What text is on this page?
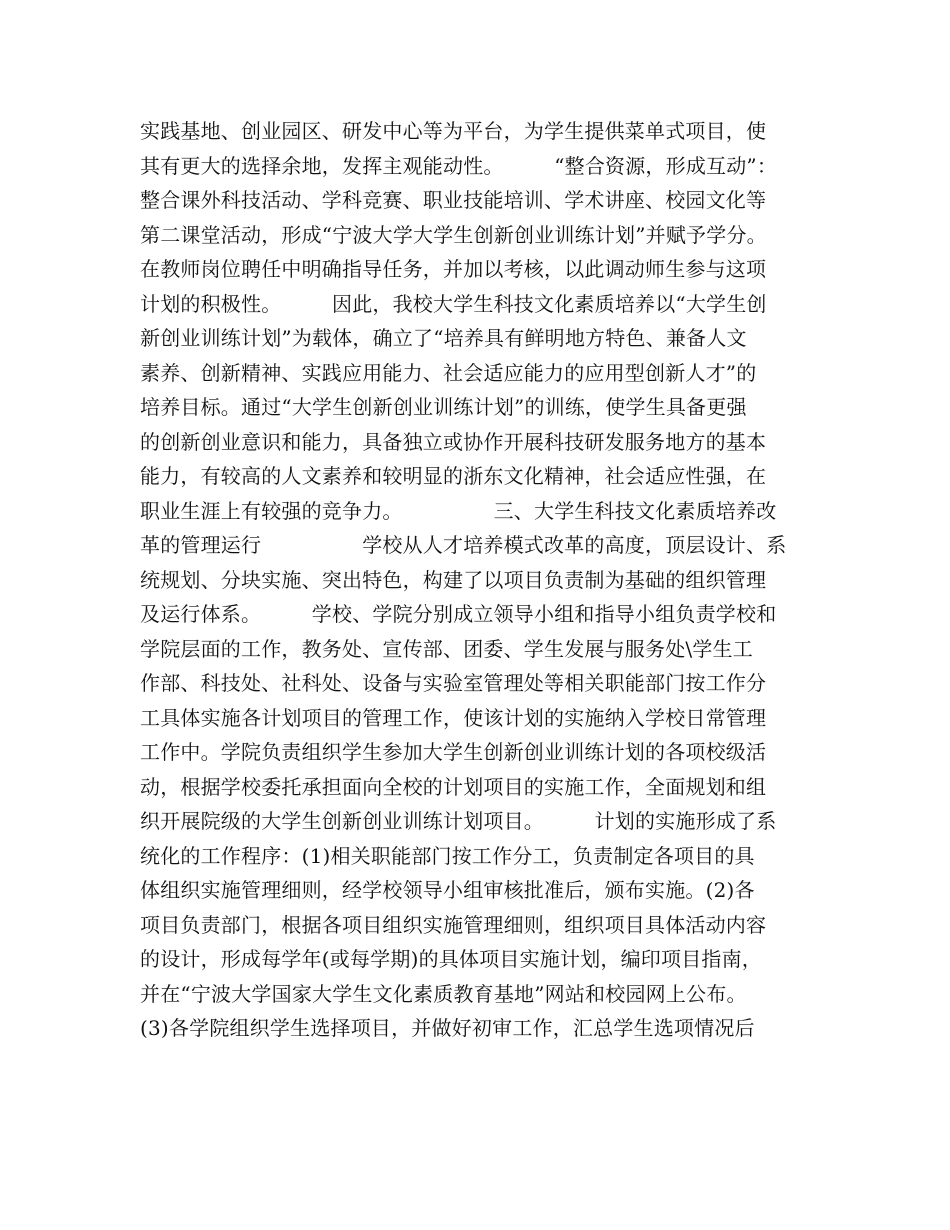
实践基地、创业园区、研发中心等为平台，为学生提供菜单式项目，使
其有更大的选择余地，发挥主观能动性。　　　“整合资源，形成互动”：
整合课外科技活动、学科竞赛、职业技能培训、学术讲座、校园文化等
第二课堂活动，形成“宁波大学大学生创新创业训练计划”并赋予学分。
在教师岗位聘任中明确指导任务，并加以考核，以此调动师生参与这项
计划的积极性。　　　因此，我校大学生科技文化素质培养以“大学生创
新创业训练计划”为载体，确立了“培养具有鲜明地方特色、兼备人文
素养、创新精神、实践应用能力、社会适应能力的应用型创新人才”的
培养目标。通过“大学生创新创业训练计划”的训练，使学生具备更强
的创新创业意识和能力，具备独立或协作开展科技研发服务地方的基本
能力，有较高的人文素养和较明显的浙东文化精神，社会适应性强，在
职业生涯上有较强的竞争力。　　　　　三、大学生科技文化素质培养改
革的管理运行　　　　　学校从人才培养模式改革的高度，顶层设计、系
统规划、分块实施、突出特色，构建了以项目负责制为基础的组织管理
及运行体系。　　　学校、学院分别成立领导小组和指导小组负责学校和
学院层面的工作，教务处、宣传部、团委、学生发展与服务处\学生工
作部、科技处、社科处、设备与实验室管理处等相关职能部门按工作分
工具体实施各计划项目的管理工作，使该计划的实施纳入学校日常管理
工作中。学院负责组织学生参加大学生创新创业训练计划的各项校级活
动，根据学校委托承担面向全校的计划项目的实施工作，全面规划和组
织开展院级的大学生创新创业训练计划项目。　　　计划的实施形成了系
统化的工作程序：(1)相关职能部门按工作分工，负责制定各项目的具
体组织实施管理细则，经学校领导小组审核批准后，颁布实施。(2)各
项目负责部门，根据各项目组织实施管理细则，组织项目具体活动内容
的设计，形成每学年(或每学期)的具体项目实施计划，编印项目指南，
并在“宁波大学国家大学生文化素质教育基地”网站和校园网上公布。
(3)各学院组织学生选择项目，并做好初审工作，汇总学生选项情况后
